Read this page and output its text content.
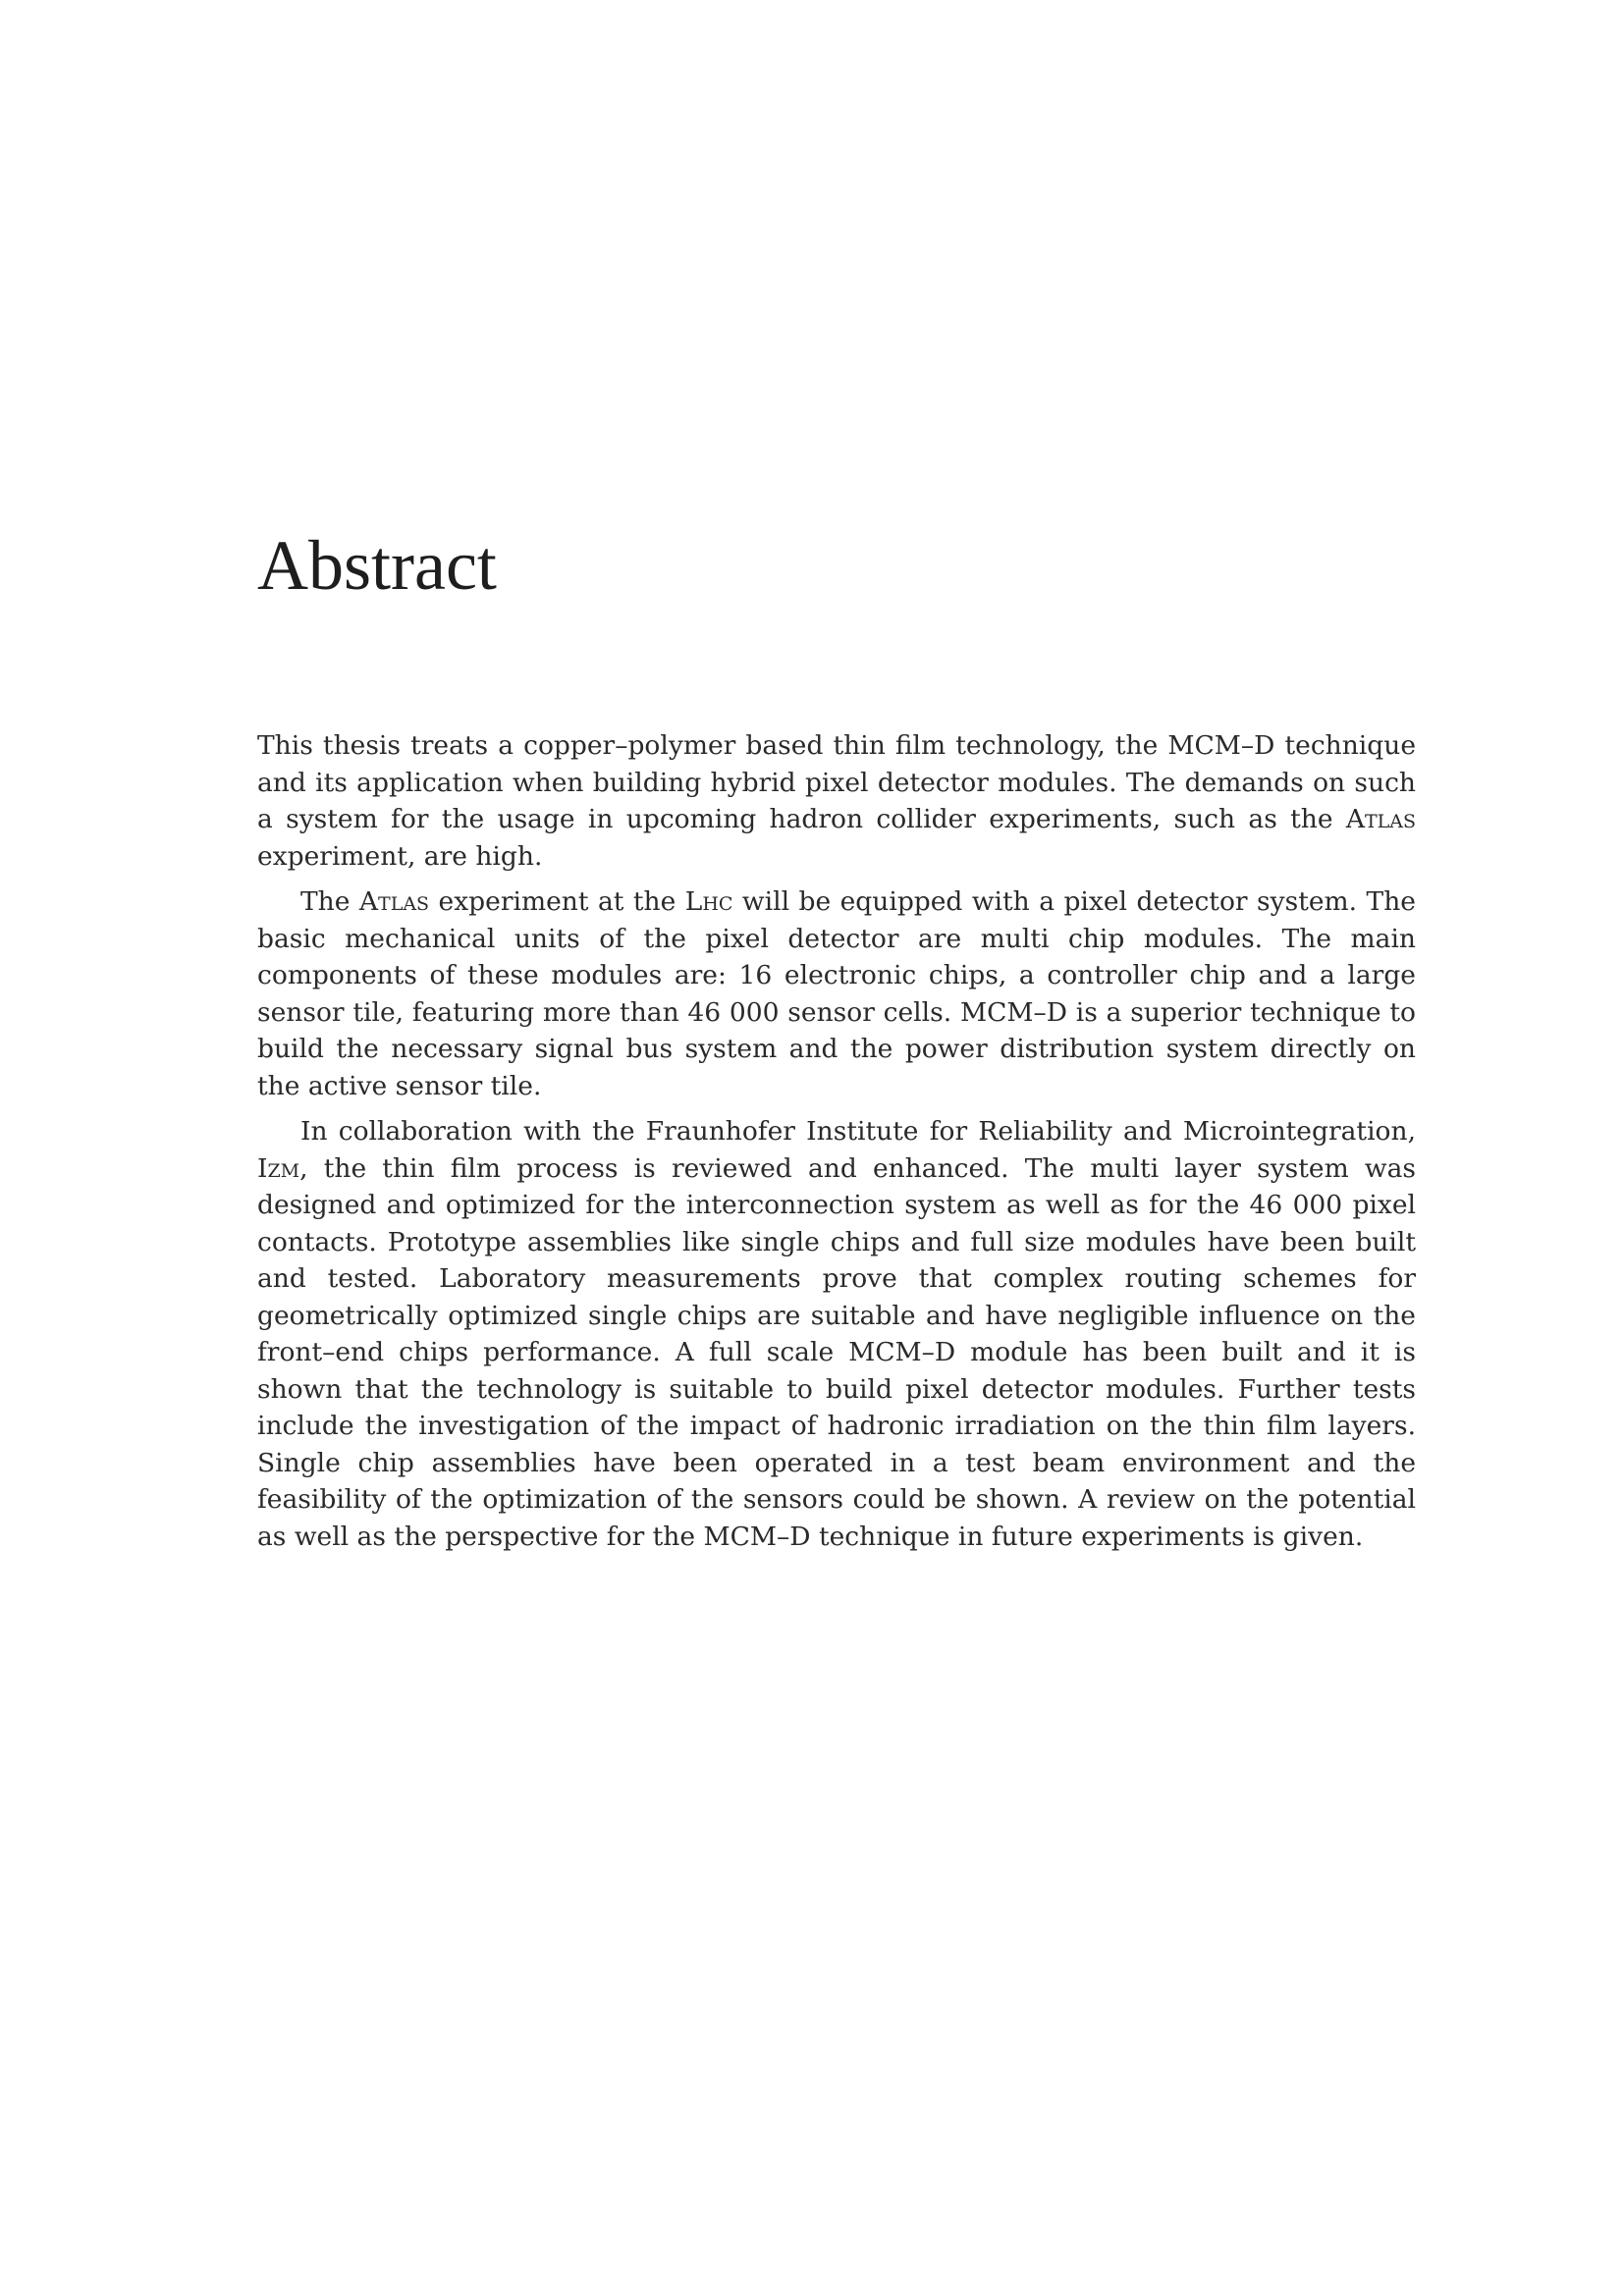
Abstract

This thesis treats a copper–polymer based thin film technology, the MCM–D technique and its application when building hybrid pixel detector modules. The demands on such a system for the usage in upcoming hadron collider experiments, such as the Atlas experiment, are high.

The Atlas experiment at the Lhc will be equipped with a pixel detector system. The basic mechanical units of the pixel detector are multi chip modules. The main components of these modules are: 16 electronic chips, a controller chip and a large sensor tile, featuring more than 46 000 sensor cells. MCM–D is a superior technique to build the necessary signal bus system and the power distribution system directly on the active sensor tile.

In collaboration with the Fraunhofer Institute for Reliability and Microintegration, Izm, the thin film process is reviewed and enhanced. The multi layer system was designed and optimized for the interconnection system as well as for the 46 000 pixel contacts. Prototype assemblies like single chips and full size modules have been built and tested. Laboratory measurements prove that complex routing schemes for geometrically optimized single chips are suitable and have negligible influence on the front–end chips performance. A full scale MCM–D module has been built and it is shown that the technology is suitable to build pixel detector modules. Further tests include the investigation of the impact of hadronic irradiation on the thin film layers. Single chip assemblies have been operated in a test beam environment and the feasibility of the optimization of the sensors could be shown. A review on the potential as well as the perspective for the MCM–D technique in future experiments is given.
